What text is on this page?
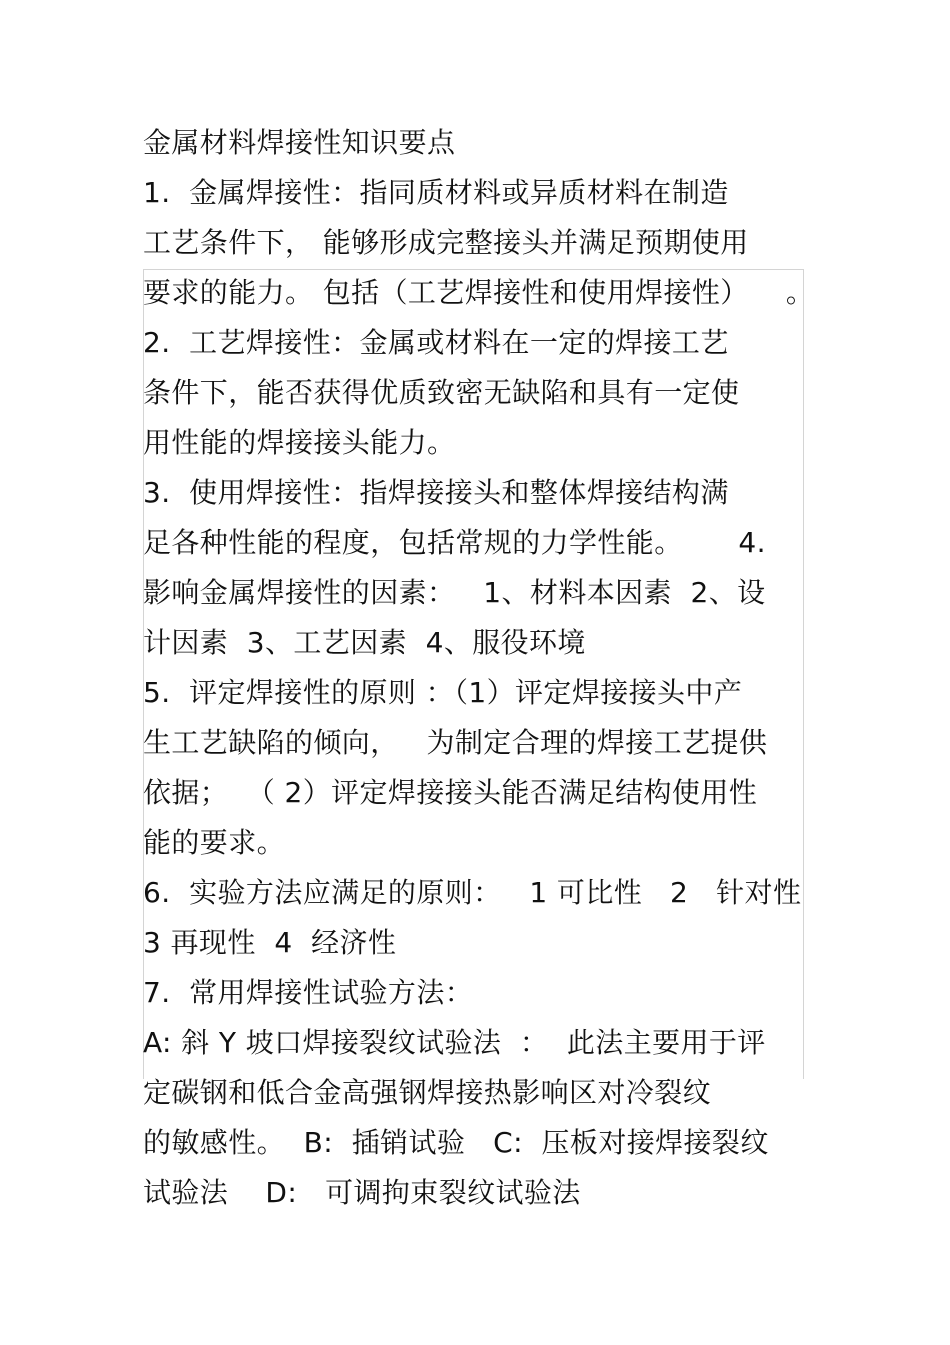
金属材料焊接性知识要点
1.  金属焊接性：指同质材料或异质材料在制造
工艺条件下， 能够形成完整接头并满足预期使用
要求的能力。 包括（工艺焊接性和使用焊接性）    。
2.  工艺焊接性：金属或材料在一定的焊接工艺
条件下，能否获得优质致密无缺陷和具有一定使
用性能的焊接接头能力。
3.  使用焊接性：指焊接接头和整体焊接结构满
足各种性能的程度，包括常规的力学性能。      4.
影响金属焊接性的因素：   1、材料本因素  2、设
计因素  3、工艺因素  4、服役环境
5.  评定焊接性的原则 ：（1）评定焊接接头中产
生工艺缺陷的倾向，   为制定合理的焊接工艺提供
依据；  （ 2）评定焊接接头能否满足结构使用性
能的要求。
6.  实验方法应满足的原则：   1 可比性   2   针对性
3 再现性  4  经济性
7.  常用焊接性试验方法：
A: 斜 Y 坡口焊接裂纹试验法  ：  此法主要用于评
定碳钢和低合金高强钢焊接热影响区对冷裂纹
的敏感性。  B:  插销试验   C:  压板对接焊接裂纹
试验法    D:   可调拘束裂纹试验法
